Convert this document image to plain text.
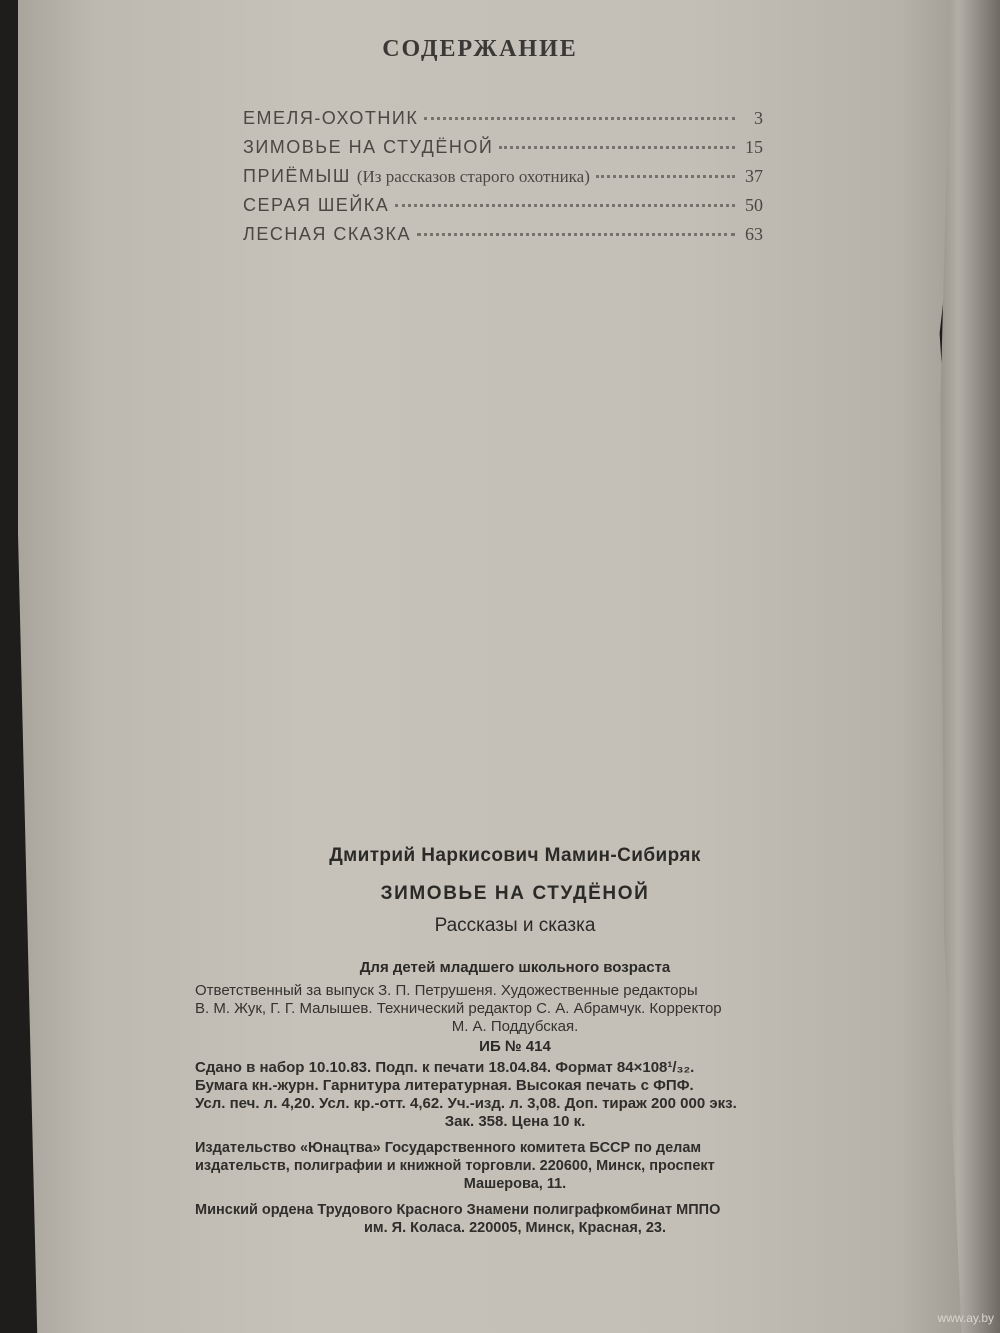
СОДЕРЖАНИЕ
ЕМЕЛЯ-ОХОТНИК	3
ЗИМОВЬЕ НА СТУДЁНОЙ	15
ПРИЁМЫШ (Из рассказов старого охотника)	37
СЕРАЯ ШЕЙКА	50
ЛЕСНАЯ СКАЗКА	63
Дмитрий Наркисович Мамин-Сибиряк
ЗИМОВЬЕ НА СТУДЁНОЙ
Рассказы и сказка
Для детей младшего школьного возраста
Ответственный за выпуск З. П. Петрушеня. Художественные редакторы
В. М. Жук, Г. Г. Малышев. Технический редактор С. А. Абрамчук. Корректор
М. А. Поддубская.
ИБ № 414
Сдано в набор 10.10.83. Подп. к печати 18.04.84. Формат 84×108¹/₃₂.
Бумага кн.-журн. Гарнитура литературная. Высокая печать с ФПФ.
Усл. печ. л. 4,20. Усл. кр.-отт. 4,62. Уч.-изд. л. 3,08. Доп. тираж 200 000 экз.
Зак. 358. Цена 10 к.
Издательство «Юнацтва» Государственного комитета БССР по делам
издательств, полиграфии и книжной торговли. 220600, Минск, проспект
Машерова, 11.
Минский ордена Трудового Красного Знамени полиграфкомбинат МППО
им. Я. Коласа. 220005, Минск, Красная, 23.
www.ay.by
